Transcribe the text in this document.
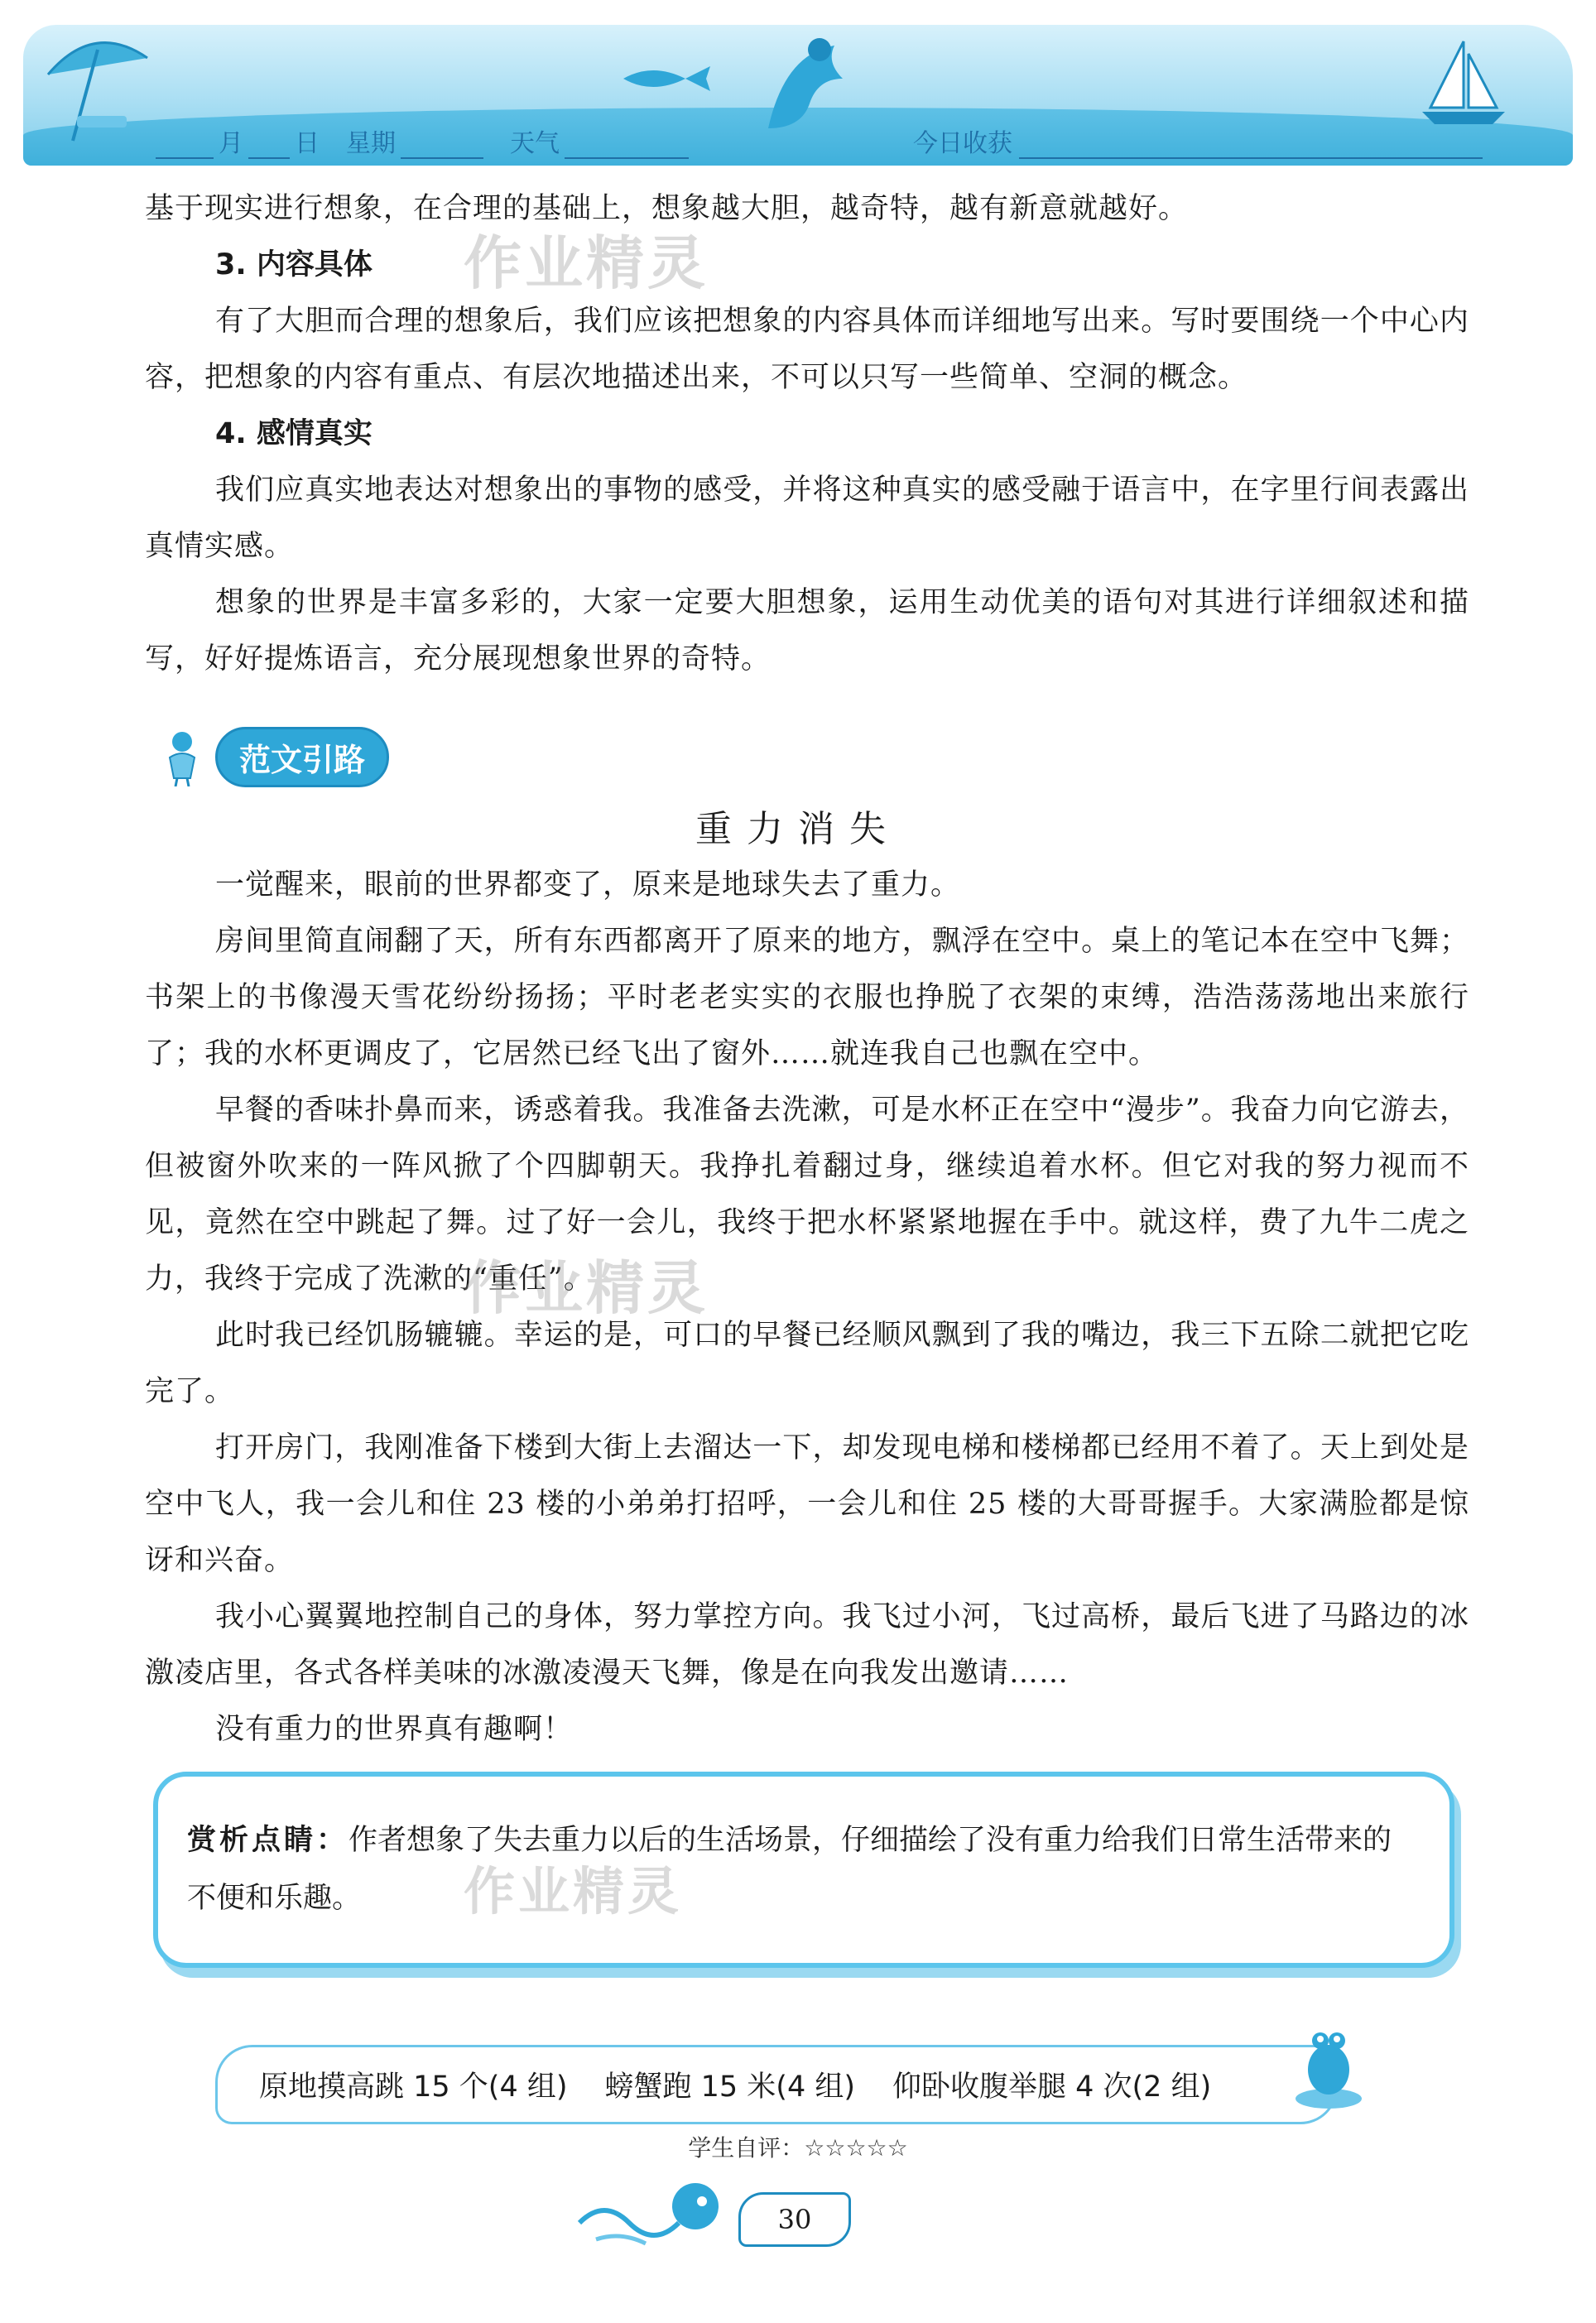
月 日 星期	天气	今日收获

基于现实进行想象，在合理的基础上，想象越大胆，越奇特，越有新意就越好。

3. 内容具体

有了大胆而合理的想象后，我们应该把想象的内容具体而详细地写出来。写时要围绕一个中心内容，把想象的内容有重点、有层次地描述出来，不可以只写一些简单、空洞的概念。

4. 感情真实

我们应真实地表达对想象出的事物的感受，并将这种真实的感受融于语言中，在字里行间表露出真情实感。

想象的世界是丰富多彩的，大家一定要大胆想象，运用生动优美的语句对其进行详细叙述和描写，好好提炼语言，充分展现想象世界的奇特。

作业精灵
范文引路
重力消失

一觉醒来，眼前的世界都变了，原来是地球失去了重力。

房间里简直闹翻了天，所有东西都离开了原来的地方，飘浮在空中。桌上的笔记本在空中飞舞；书架上的书像漫天雪花纷纷扬扬；平时老老实实的衣服也挣脱了衣架的束缚，浩浩荡荡地出来旅行了；我的水杯更调皮了，它居然已经飞出了窗外……就连我自己也飘在空中。

早餐的香味扑鼻而来，诱惑着我。我准备去洗漱，可是水杯正在空中“漫步”。我奋力向它游去，但被窗外吹来的一阵风掀了个四脚朝天。我挣扎着翻过身，继续追着水杯。但它对我的努力视而不见，竟然在空中跳起了舞。过了好一会儿，我终于把水杯紧紧地握在手中。就这样，费了九牛二虎之力，我终于完成了洗漱的“重任”。

此时我已经饥肠辘辘。幸运的是，可口的早餐已经顺风飘到了我的嘴边，我三下五除二就把它吃完了。

打开房门，我刚准备下楼到大街上去溜达一下，却发现电梯和楼梯都已经用不着了。天上到处是空中飞人，我一会儿和住 23 楼的小弟弟打招呼，一会儿和住 25 楼的大哥哥握手。大家满脸都是惊讶和兴奋。

我小心翼翼地控制自己的身体，努力掌控方向。我飞过小河，飞过高桥，最后飞进了马路边的冰激凌店里，各式各样美味的冰激凌漫天飞舞，像是在向我发出邀请……

没有重力的世界真有趣啊！

作业精灵
赏析点睛：作者想象了失去重力以后的生活场景，仔细描绘了没有重力给我们日常生活带来的不便和乐趣。	作业精灵
原地摸高跳 15 个(4 组) 螃蟹跑 15 米(4 组) 仰卧收腹举腿 4 次(2 组)
学生自评：☆☆☆☆☆
30
